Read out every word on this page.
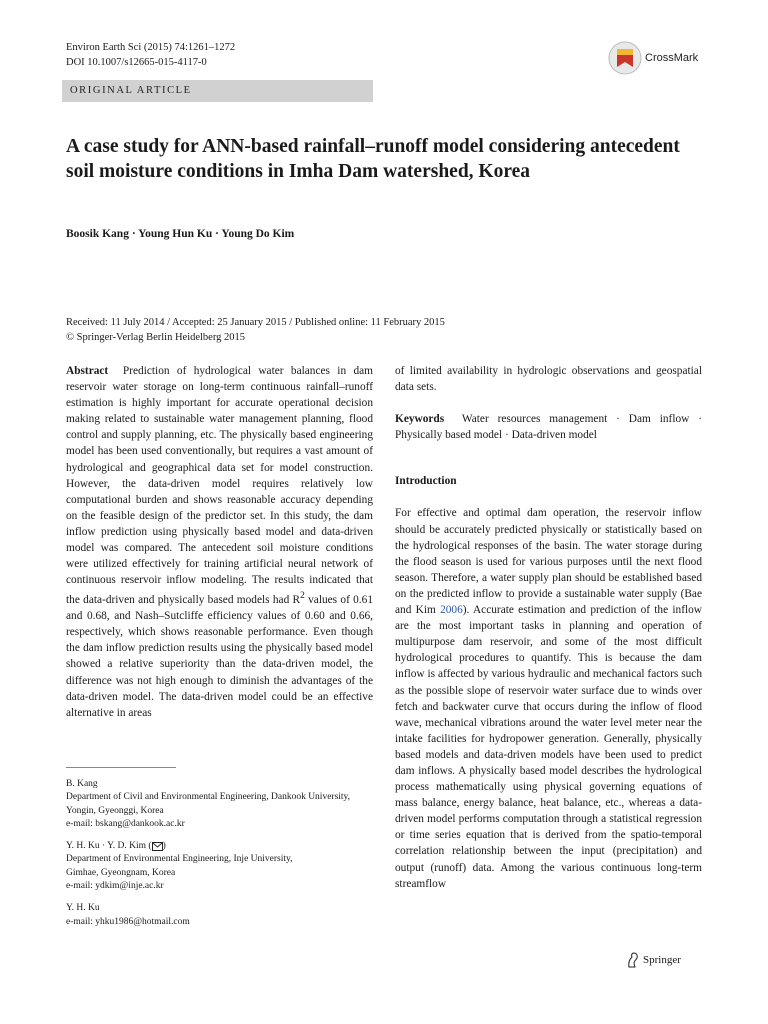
Environ Earth Sci (2015) 74:1261–1272
DOI 10.1007/s12665-015-4117-0	CrossMark
ORIGINAL ARTICLE
A case study for ANN-based rainfall–runoff model considering antecedent soil moisture conditions in Imha Dam watershed, Korea
Boosik Kang · Young Hun Ku · Young Do Kim
Received: 11 July 2014 / Accepted: 25 January 2015 / Published online: 11 February 2015
© Springer-Verlag Berlin Heidelberg 2015

Abstract Prediction of hydrological water balances in dam reservoir water storage on long-term continuous rainfall–runoff estimation is highly important for accurate operational decision making related to sustainable water management planning, flood control and supply planning, etc. The physically based engineering model has been used conventionally, but requires a vast amount of hydrological and geographical data set for model construction. However, the data-driven model requires relatively low computational burden and shows reasonable accuracy depending on the feasible design of the predictor set. In this study, the dam inflow prediction using physically based model and data-driven model was compared. The antecedent soil moisture conditions were utilized effectively for training artificial neural network of continuous reservoir inflow modeling. The results indicated that the data-driven and physically based models had $R^2$ values of 0.61 and 0.68, and Nash–Sutcliffe efficiency values of 0.60 and 0.66, respectively, which shows reasonable performance. Even though the dam inflow prediction results using the physically based model showed a relative superiority than the data-driven model, the difference was not high enough to diminish the advantages of the data-driven model. The data-driven model could be an effective alternative in areas

B. Kang
Department of Civil and Environmental Engineering, Dankook University, Yongin, Gyeonggi, Korea
e-mail: bskang@dankook.ac.kr
Y. H. Ku · Y. D. Kim ( )
Department of Environmental Engineering, Inje University,
Gimhae, Gyeongnam, Korea
e-mail: ydkim@inje.ac.kr
Y. H. Ku
e-mail: yhku1986@hotmail.com

of limited availability in hydrologic observations and geospatial data sets.

Keywords Water resources management · Dam inflow · Physically based model · Data-driven model

Introduction

For effective and optimal dam operation, the reservoir inflow should be accurately predicted physically or statistically based on the hydrological responses of the basin. The water storage during the flood season is used for various purposes until the next flood season. Therefore, a water supply plan should be established based on the predicted inflow to provide a sustainable water supply (Bae and Kim 2006). Accurate estimation and prediction of the inflow are the most important tasks in planning and operation of multipurpose dam reservoir, and some of the most difficult hydrological procedures to quantify. This is because the dam inflow is affected by various hydraulic and mechanical factors such as the possible slope of reservoir water surface due to winds over fetch and backwater curve that occurs during the inflow of flood wave, mechanical vibrations around the water level meter near the intake facilities for hydropower generation. Generally, physically based models and data-driven models have been used to predict dam inflows. A physically based model describes the hydrological process mathematically using physical governing equations of mass balance, energy balance, heat balance, etc., whereas a data-driven model performs computation through a statistical regression or time series equation that is derived from the spatio-temporal correlation relationship between the input (precipitation) and output (runoff) data. Among the various continuous long-term streamflow

Springer
